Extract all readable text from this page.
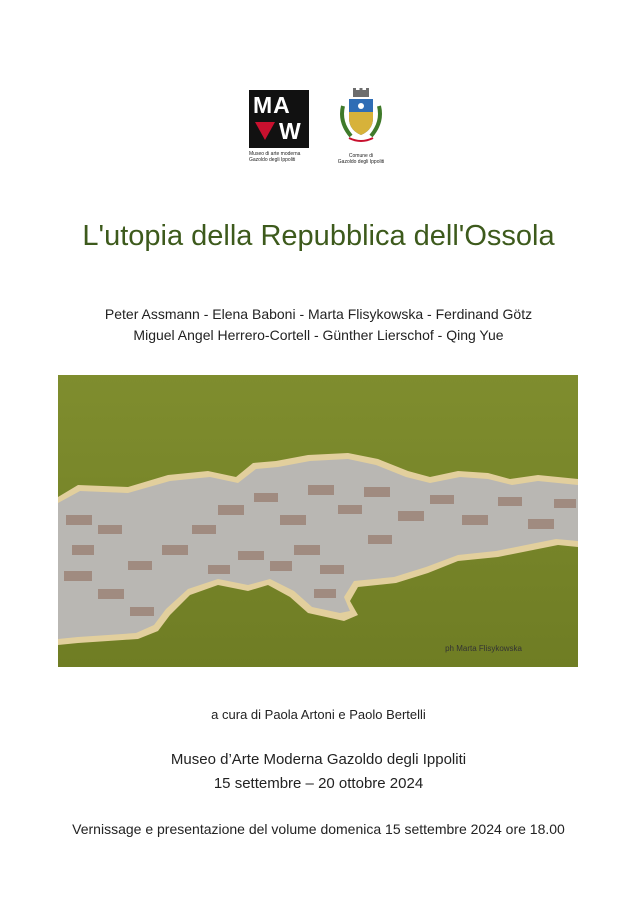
MA
W
Museo di arte moderna
Gazoldo degli Ippoliti
Comune di
Gazoldo degli Ippoliti
L'utopia della Repubblica dell'Ossola
Peter Assmann - Elena Baboni - Marta Flisykowska - Ferdinand Götz
Miguel Angel Herrero-Cortell - Günther Lierschof - Qing Yue
ph Marta Flisykowska
a cura di Paola Artoni e Paolo Bertelli
Museo d’Arte Moderna Gazoldo degli Ippoliti
15 settembre – 20 ottobre 2024
Vernissage e presentazione del volume domenica 15 settembre 2024 ore 18.00
